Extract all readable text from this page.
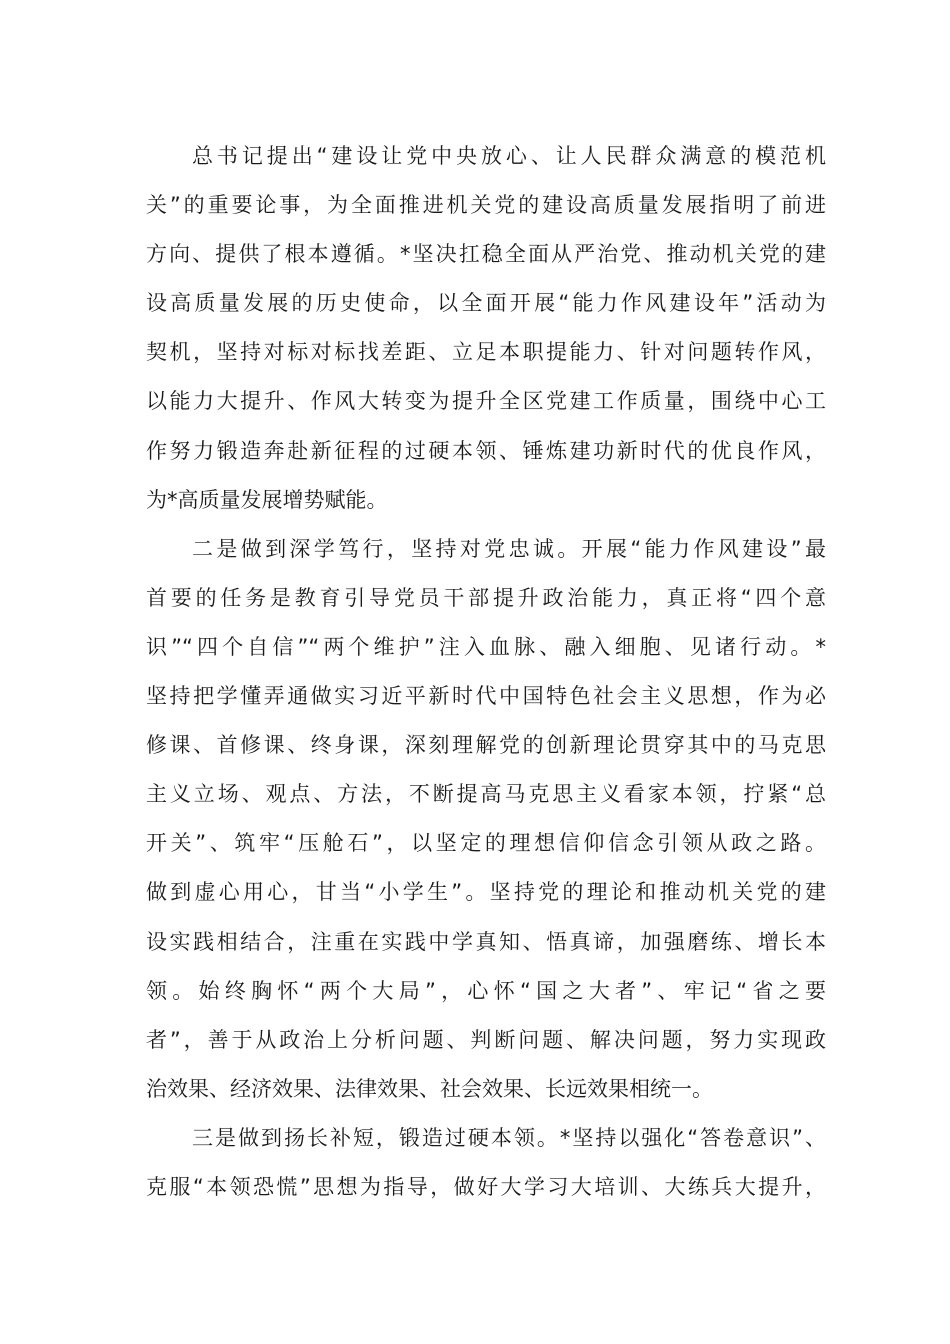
总书记提出“建设让党中央放心、让人民群众满意的模范机
关”的重要论事，为全面推进机关党的建设高质量发展指明了前进
方向、提供了根本遵循。*坚决扛稳全面从严治党、推动机关党的建
设高质量发展的历史使命，以全面开展“能力作风建设年”活动为
契机，坚持对标对标找差距、立足本职提能力、针对问题转作风，
以能力大提升、作风大转变为提升全区党建工作质量，围绕中心工
作努力锻造奔赴新征程的过硬本领、锤炼建功新时代的优良作风，
为*高质量发展增势赋能。
二是做到深学笃行，坚持对党忠诚。开展“能力作风建设”最
首要的任务是教育引导党员干部提升政治能力，真正将“四个意
识”“四个自信”“两个维护”注入血脉、融入细胞、见诸行动。*
坚持把学懂弄通做实习近平新时代中国特色社会主义思想，作为必
修课、首修课、终身课，深刻理解党的创新理论贯穿其中的马克思
主义立场、观点、方法，不断提高马克思主义看家本领，拧紧“总
开关”、筑牢“压舱石”，以坚定的理想信仰信念引领从政之路。
做到虚心用心，甘当“小学生”。坚持党的理论和推动机关党的建
设实践相结合，注重在实践中学真知、悟真谛，加强磨练、增长本
领。始终胸怀“两个大局”，心怀“国之大者”、牢记“省之要
者”，善于从政治上分析问题、判断问题、解决问题，努力实现政
治效果、经济效果、法律效果、社会效果、长远效果相统一。
三是做到扬长补短，锻造过硬本领。*坚持以强化“答卷意识”、
克服“本领恐慌”思想为指导，做好大学习大培训、大练兵大提升，
